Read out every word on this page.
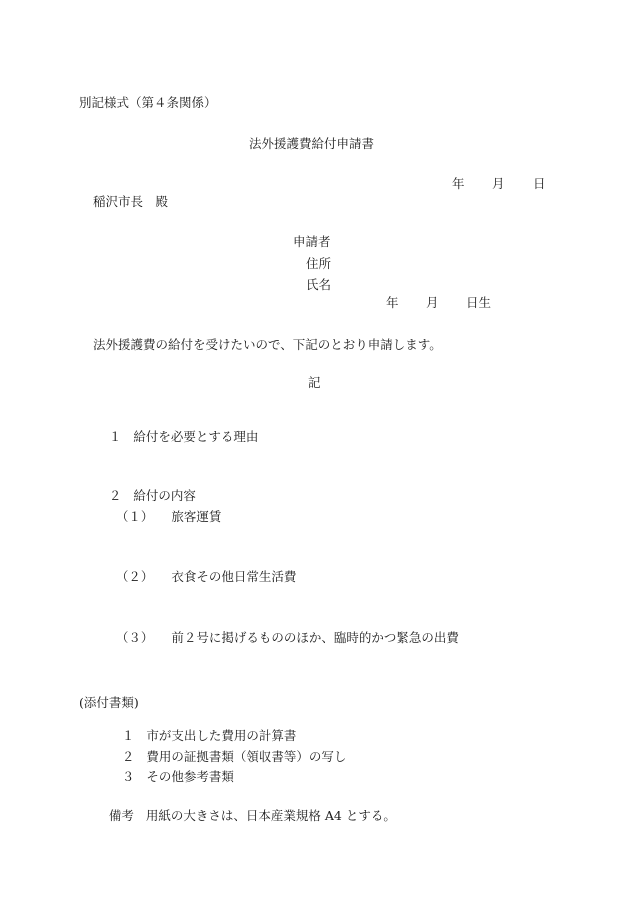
別記様式（第４条関係）
法外援護費給付申請書
年 月 日
稲沢市長　殿
申請者
住所
氏名
年 月 日生
法外援護費の給付を受けたいので、下記のとおり申請します。
記

１ 給付を必要とする理由

２ 給付の内容

（１） 旅客運賃

（２） 衣食その他日常生活費

（３） 前２号に掲げるもののほか、臨時的かつ緊急の出費

(添付書類)

１ 市が支出した費用の計算書

２ 費用の証拠書類（領収書等）の写し

３ その他参考書類

備考 用紙の大きさは、日本産業規格 A4 とする。
